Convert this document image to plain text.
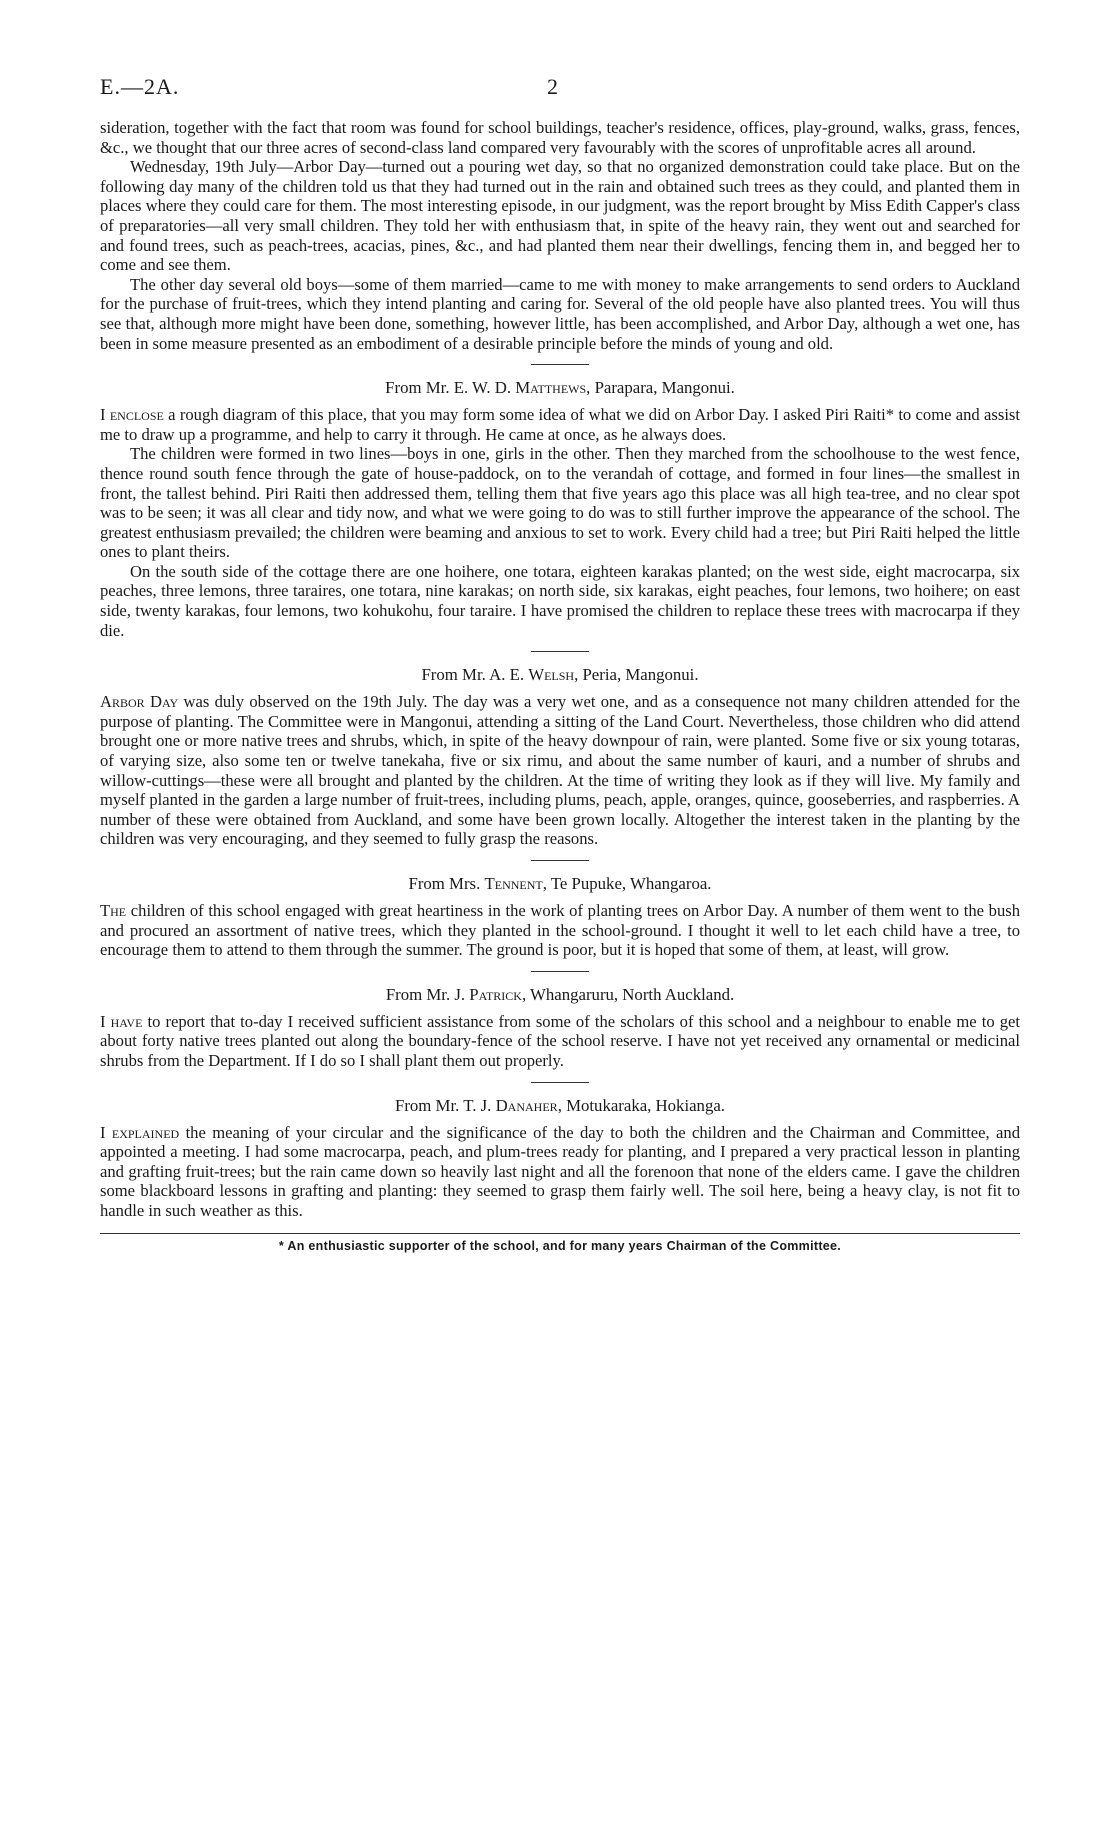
E.—2A.	2

sideration, together with the fact that room was found for school buildings, teacher's residence, offices, play-ground, walks, grass, fences, &c., we thought that our three acres of second-class land compared very favourably with the scores of unprofitable acres all around.

Wednesday, 19th July—Arbor Day—turned out a pouring wet day, so that no organized demonstration could take place. But on the following day many of the children told us that they had turned out in the rain and obtained such trees as they could, and planted them in places where they could care for them. The most interesting episode, in our judgment, was the report brought by Miss Edith Capper's class of preparatories—all very small children. They told her with enthusiasm that, in spite of the heavy rain, they went out and searched for and found trees, such as peach-trees, acacias, pines, &c., and had planted them near their dwellings, fencing them in, and begged her to come and see them.

The other day several old boys—some of them married—came to me with money to make arrangements to send orders to Auckland for the purchase of fruit-trees, which they intend planting and caring for. Several of the old people have also planted trees. You will thus see that, although more might have been done, something, however little, has been accomplished, and Arbor Day, although a wet one, has been in some measure presented as an embodiment of a desirable principle before the minds of young and old.

From Mr. E. W. D. Matthews, Parapara, Mangonui.

I enclose a rough diagram of this place, that you may form some idea of what we did on Arbor Day. I asked Piri Raiti* to come and assist me to draw up a programme, and help to carry it through. He came at once, as he always does.

The children were formed in two lines—boys in one, girls in the other. Then they marched from the schoolhouse to the west fence, thence round south fence through the gate of house-paddock, on to the verandah of cottage, and formed in four lines—the smallest in front, the tallest behind. Piri Raiti then addressed them, telling them that five years ago this place was all high tea-tree, and no clear spot was to be seen; it was all clear and tidy now, and what we were going to do was to still further improve the appearance of the school. The greatest enthusiasm prevailed; the children were beaming and anxious to set to work. Every child had a tree; but Piri Raiti helped the little ones to plant theirs.

On the south side of the cottage there are one hoihere, one totara, eighteen karakas planted; on the west side, eight macrocarpa, six peaches, three lemons, three taraires, one totara, nine karakas; on north side, six karakas, eight peaches, four lemons, two hoihere; on east side, twenty karakas, four lemons, two kohukohu, four taraire. I have promised the children to replace these trees with macrocarpa if they die.

From Mr. A. E. Welsh, Peria, Mangonui.

Arbor Day was duly observed on the 19th July. The day was a very wet one, and as a consequence not many children attended for the purpose of planting. The Committee were in Mangonui, attending a sitting of the Land Court. Nevertheless, those children who did attend brought one or more native trees and shrubs, which, in spite of the heavy downpour of rain, were planted. Some five or six young totaras, of varying size, also some ten or twelve tanekaha, five or six rimu, and about the same number of kauri, and a number of shrubs and willow-cuttings—these were all brought and planted by the children. At the time of writing they look as if they will live. My family and myself planted in the garden a large number of fruit-trees, including plums, peach, apple, oranges, quince, gooseberries, and raspberries. A number of these were obtained from Auckland, and some have been grown locally. Altogether the interest taken in the planting by the children was very encouraging, and they seemed to fully grasp the reasons.

From Mrs. Tennent, Te Pupuke, Whangaroa.

The children of this school engaged with great heartiness in the work of planting trees on Arbor Day. A number of them went to the bush and procured an assortment of native trees, which they planted in the school-ground. I thought it well to let each child have a tree, to encourage them to attend to them through the summer. The ground is poor, but it is hoped that some of them, at least, will grow.

From Mr. J. Patrick, Whangaruru, North Auckland.

I have to report that to-day I received sufficient assistance from some of the scholars of this school and a neighbour to enable me to get about forty native trees planted out along the boundary-fence of the school reserve. I have not yet received any ornamental or medicinal shrubs from the Department. If I do so I shall plant them out properly.

From Mr. T. J. Danaher, Motukaraka, Hokianga.

I explained the meaning of your circular and the significance of the day to both the children and the Chairman and Committee, and appointed a meeting. I had some macrocarpa, peach, and plum-trees ready for planting, and I prepared a very practical lesson in planting and grafting fruit-trees; but the rain came down so heavily last night and all the forenoon that none of the elders came. I gave the children some blackboard lessons in grafting and planting: they seemed to grasp them fairly well. The soil here, being a heavy clay, is not fit to handle in such weather as this.

* An enthusiastic supporter of the school, and for many years Chairman of the Committee.
